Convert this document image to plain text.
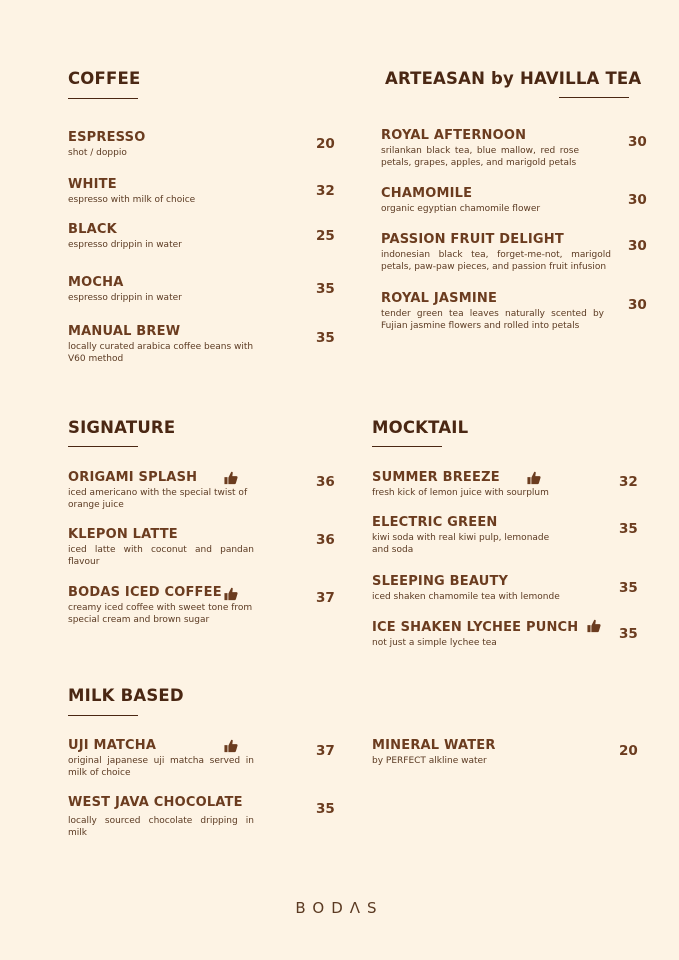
COFFEE
ESPRESSO
shot / doppio
20
WHITE
espresso with milk of choice
32
BLACK
espresso drippin in water
25
MOCHA
espresso drippin in water
35
MANUAL BREW
locally curated arabica coffee beans with V60 method
35
ARTEASAN by HAVILLA TEA
ROYAL AFTERNOON
srilankan black tea, blue mallow, red rose petals, grapes, apples, and marigold petals
30
CHAMOMILE
organic egyptian chamomile flower
30
PASSION FRUIT DELIGHT
indonesian black tea, forget-me-not, marigold petals, paw-paw pieces, and passion fruit infusion
30
ROYAL JASMINE
tender green tea leaves naturally scented by Fujian jasmine flowers and rolled into petals
30
SIGNATURE
ORIGAMI SPLASH
iced americano with the special twist of orange juice
36
KLEPON LATTE
iced latte with coconut and pandan flavour
36
BODAS ICED COFFEE
creamy iced coffee with sweet tone from special cream and brown sugar
37
MOCKTAIL
SUMMER BREEZE
fresh kick of lemon juice with sourplum
32
ELECTRIC GREEN
kiwi soda with real kiwi pulp, lemonade and soda
35
SLEEPING BEAUTY
iced shaken chamomile tea with lemonde
35
ICE SHAKEN LYCHEE PUNCH
not just a simple lychee tea
35
MILK BASED
UJI MATCHA
original japanese uji matcha served in milk of choice
37
WEST JAVA CHOCOLATE
locally sourced chocolate dripping in milk
35
MINERAL WATER
by PERFECT alkline water
20
BODΛS
